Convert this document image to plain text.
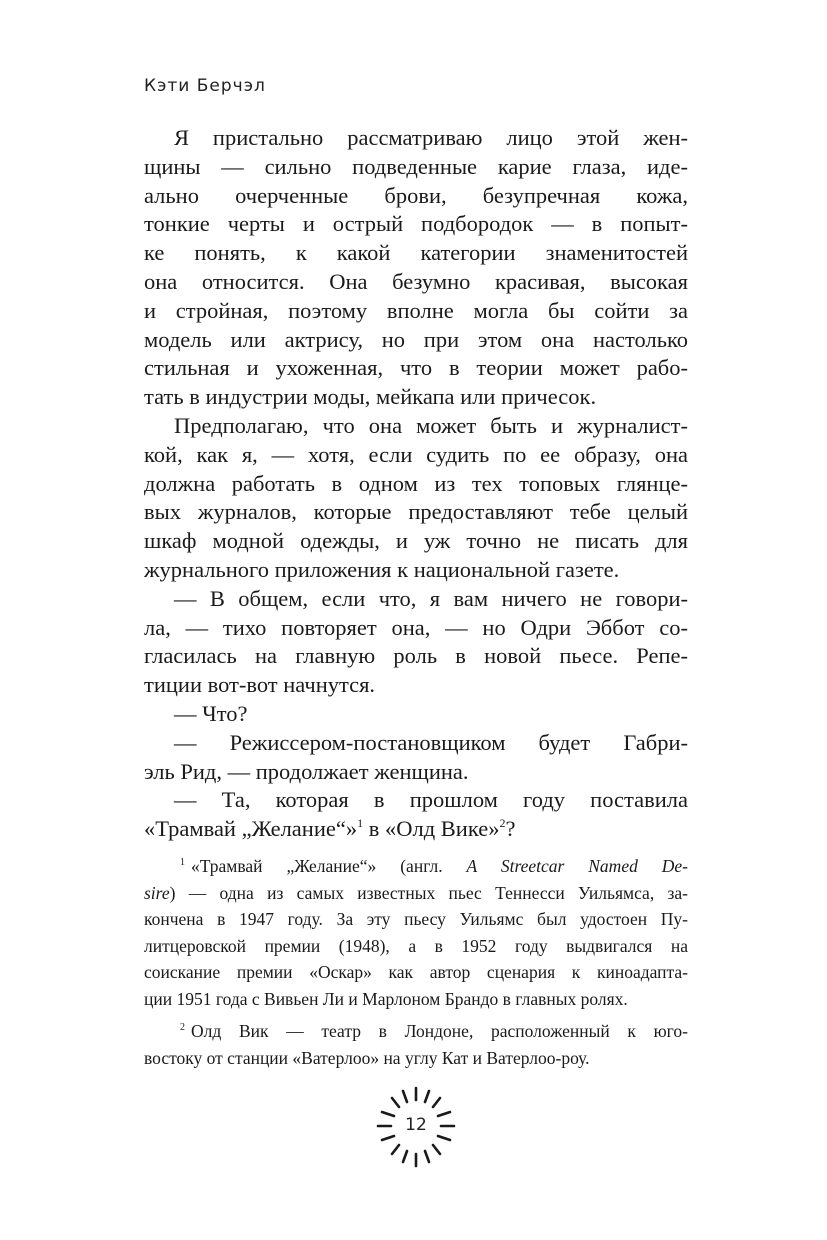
Кэти Берчэл
Я пристально рассматриваю лицо этой жен-
щины — сильно подведенные карие глаза, иде-
ально очерченные брови, безупречная кожа,
тонкие черты и острый подбородок — в попыт-
ке понять, к какой категории знаменитостей
она относится. Она безумно красивая, высокая
и стройная, поэтому вполне могла бы сойти за
модель или актрису, но при этом она настолько
стильная и ухоженная, что в теории может рабо-
тать в индустрии моды, мейкапа или причесок.
Предполагаю, что она может быть и журналист-
кой, как я, — хотя, если судить по ее образу, она
должна работать в одном из тех топовых глянце-
вых журналов, которые предоставляют тебе целый
шкаф модной одежды, и уж точно не писать для
журнального приложения к национальной газете.
— В общем, если что, я вам ничего не говори-
ла, — тихо повторяет она, — но Одри Эббот со-
гласилась на главную роль в новой пьесе. Репе-
тиции вот-вот начнутся.
— Что?
— Режиссером-постановщиком будет Габри-
эль Рид, — продолжает женщина.
— Та, которая в прошлом году поставила
«Трамвай „Желание“»$^1$ в «Олд Вике»$^2$?
$^1$ «Трамвай „Желание“» (англ. A Streetcar Named De-
sire) — одна из самых известных пьес Теннесси Уильямса, за-
кончена в 1947 году. За эту пьесу Уильямс был удостоен Пу-
литцеровской премии (1948), а в 1952 году выдвигался на
соискание премии «Оскар» как автор сценария к киноадапта-
ции 1951 года с Вивьен Ли и Марлоном Брандо в главных ролях.
$^2$ Олд Вик — театр в Лондоне, расположенный к юго-
востоку от станции «Ватерлоо» на углу Кат и Ватерлоо-роу.
12
